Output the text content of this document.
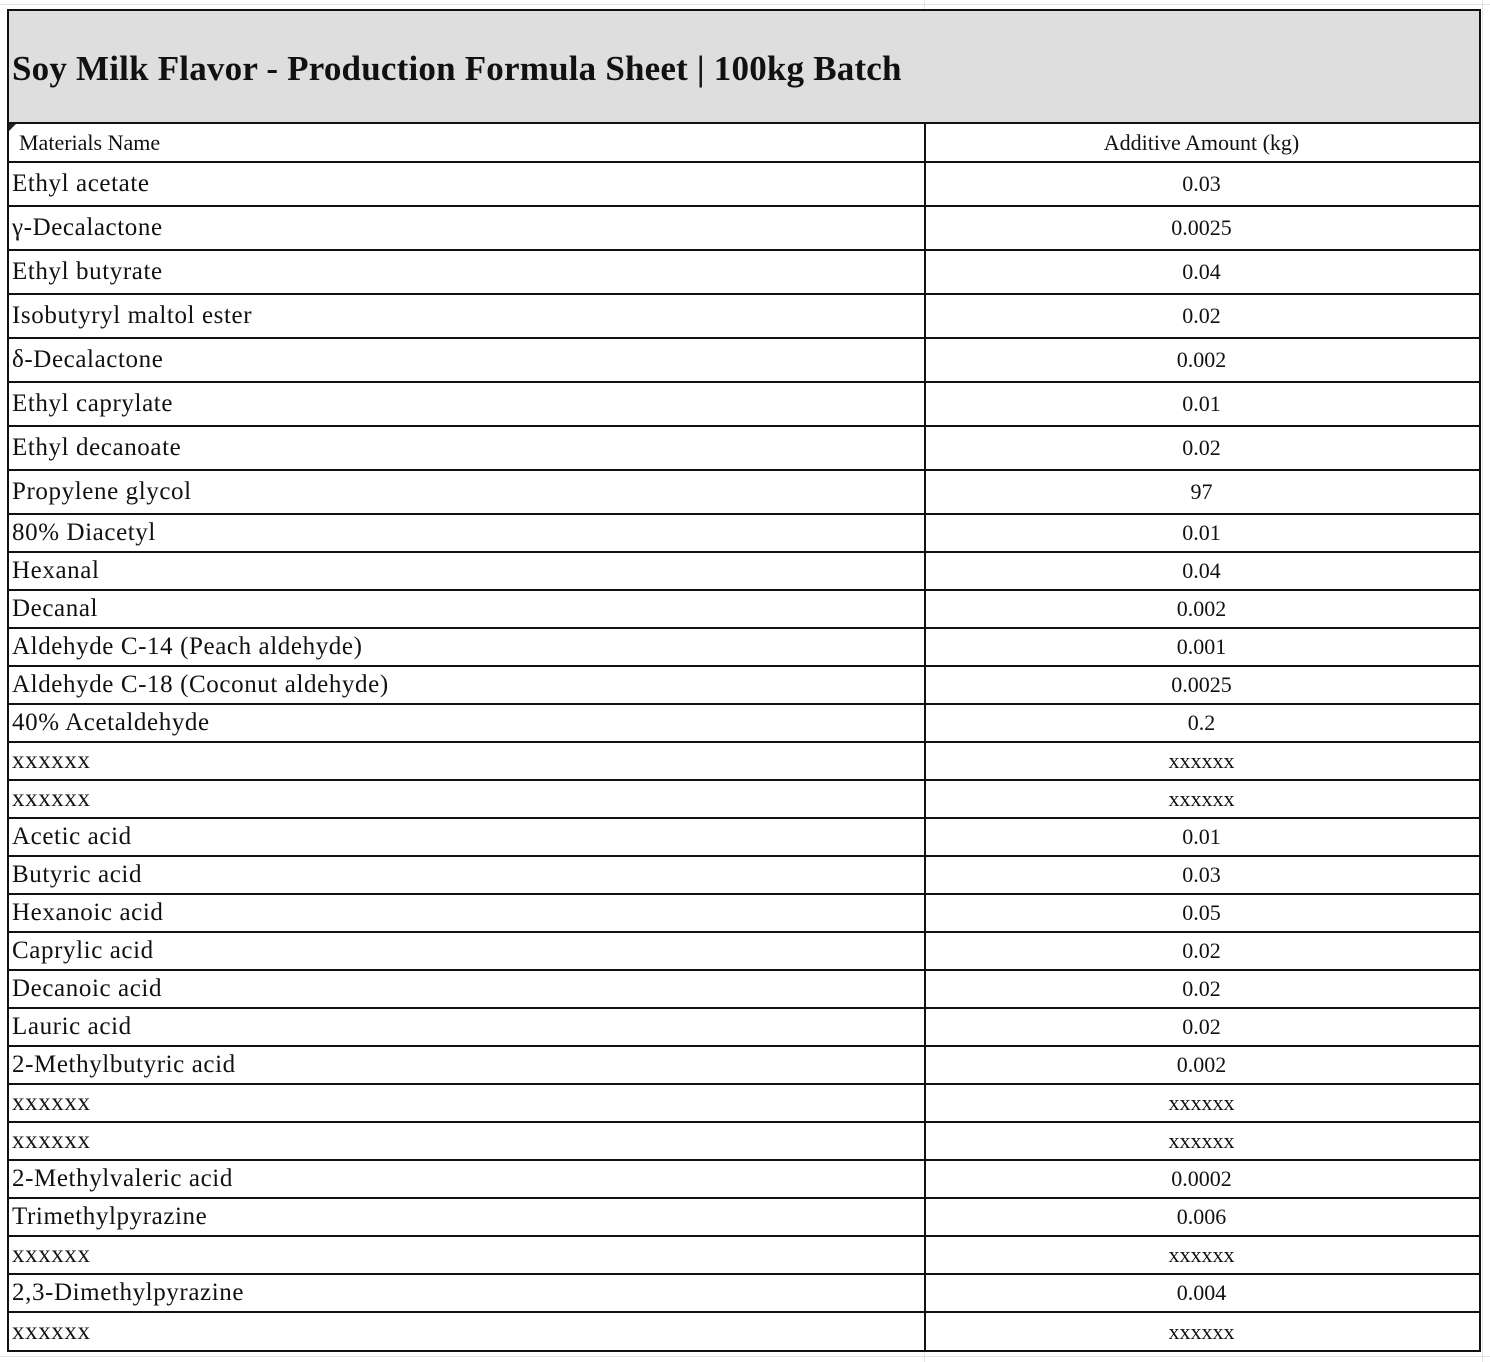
Soy Milk Flavor - Production Formula Sheet | 100kg Batch
Materials Name	Additive Amount (kg)
Ethyl acetate	0.03
γ-Decalactone	0.0025
Ethyl butyrate	0.04
Isobutyryl maltol ester	0.02
δ-Decalactone	0.002
Ethyl caprylate	0.01
Ethyl decanoate	0.02
Propylene glycol	97
80% Diacetyl	0.01
Hexanal	0.04
Decanal	0.002
Aldehyde C-14 (Peach aldehyde)	0.001
Aldehyde C-18 (Coconut aldehyde)	0.0025
40% Acetaldehyde	0.2
xxxxxx	xxxxxx
xxxxxx	xxxxxx
Acetic acid	0.01
Butyric acid	0.03
Hexanoic acid	0.05
Caprylic acid	0.02
Decanoic acid	0.02
Lauric acid	0.02
2-Methylbutyric acid	0.002
xxxxxx	xxxxxx
xxxxxx	xxxxxx
2-Methylvaleric acid	0.0002
Trimethylpyrazine	0.006
xxxxxx	xxxxxx
2,3-Dimethylpyrazine	0.004
xxxxxx	xxxxxx
